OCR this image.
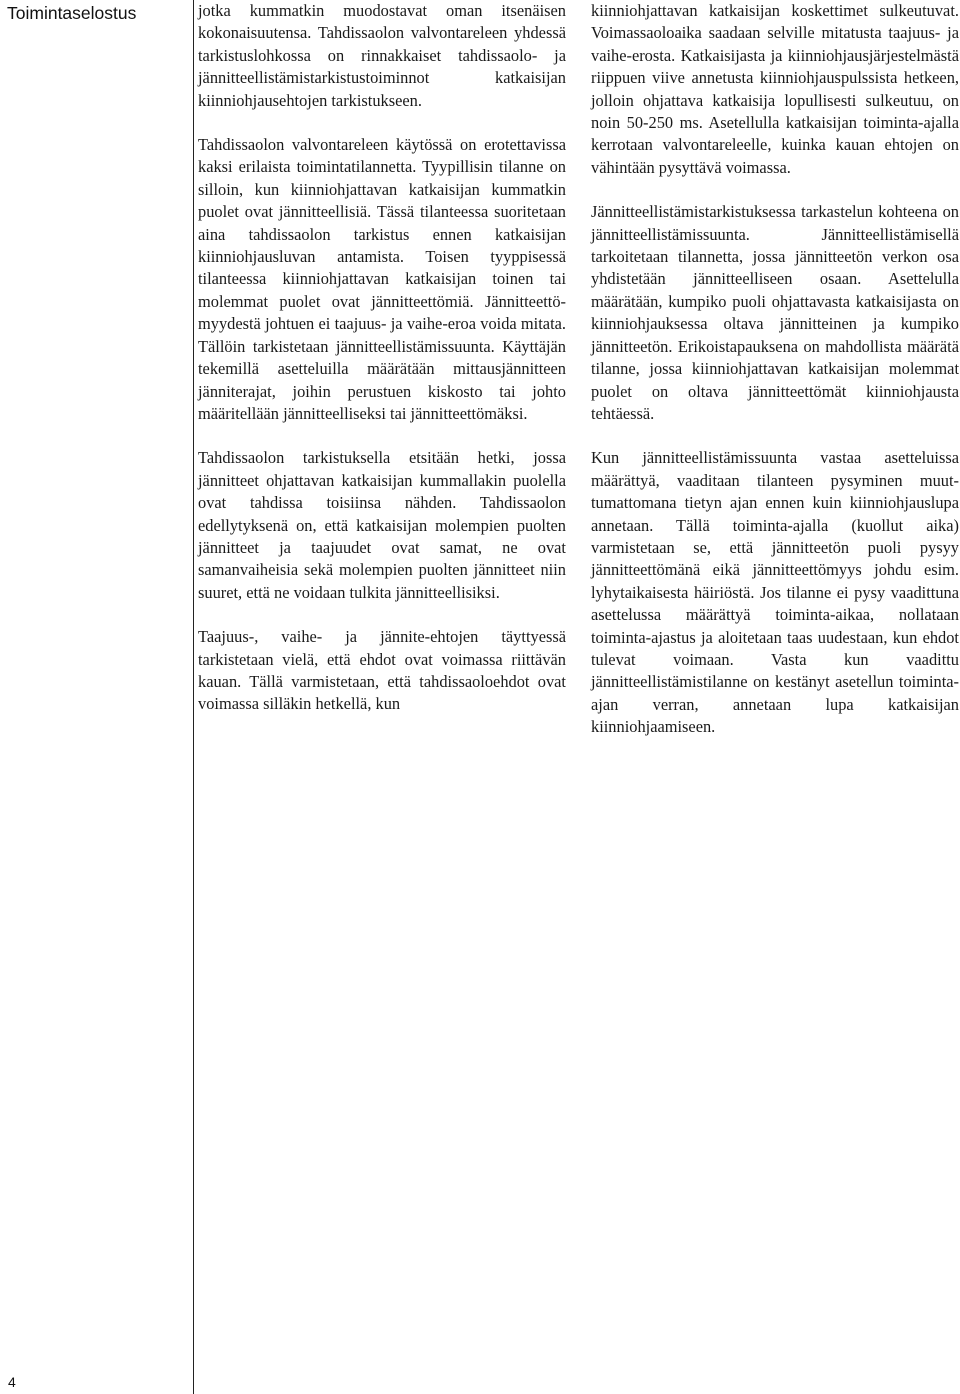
Toimintaselostus	jotka kummatkin muodostavat oman itsenäisen kokonaisuutensa. Tahdissaolon valvontareleen yhdessä tarkistuslohkossa on rinnakkaiset tahdissaolo- ja jännitteellistämistarkistustoiminnot katkaisijan kiinniohjausehtojen tarkistukseen.

Tahdissaolon valvontareleen käytössä on erotettavissa kaksi erilaista toimintatilannetta. Tyypillisin tilanne on silloin, kun kiinniohjattavan katkaisijan kummatkin puolet ovat jännitteellisiä. Tässä tilanteessa suoritetaan aina tahdissaolon tarkistus ennen katkaisijan kiinniohjausluvan antamista. Toisen tyyppisessä tilanteessa kiinniohjattavan katkaisijan toinen tai molemmat puolet ovat jännitteettömiä. Jännitteettömyydestä johtuen ei taajuus- ja vaihe-eroa voida mitata. Tällöin tarkistetaan jännitteellistämissuunta. Käyttäjän tekemillä asetteluilla määrätään mittausjännitteen jänniterajat, joihin perustuen kiskosto tai johto määritellään jännitteelliseksi tai jännitteettömäksi.

Tahdissaolon tarkistuksella etsitään hetki, jossa jännitteet ohjattavan katkaisijan kummallakin puolella ovat tahdissa toisiinsa nähden. Tahdissaolon edellytyksenä on, että katkaisijan molempien puolten jännitteet ja taajuudet ovat samat, ne ovat samanvaiheisia sekä molempien puolten jännitteet niin suuret, että ne voidaan tulkita jännitteellisiksi.

Taajuus-, vaihe- ja jännite-ehtojen täyttyessä tarkistetaan vielä, että ehdot ovat voimassa riittävän kauan. Tällä varmistetaan, että tahdissaoloehdot ovat voimassa silläkin hetkellä, kun

kiinniohjattavan katkaisijan koskettimet sulkeutuvat. Voimassaoloaika saadaan selville mitatusta taajuus- ja vaihe-erosta. Katkaisijasta ja kiinniohjausjärjestelmästä riippuen viive annetusta kiinniohjauspulssista hetkeen, jolloin ohjattava katkaisija lopullisesti sulkeutuu, on noin 50-250 ms. Asetellulla katkaisijan toiminta-ajalla kerrotaan valvontareleelle, kuinka kauan ehtojen on vähintään pysyttävä voimassa.

Jännitteellistämistarkistuksessa tarkastelun kohteena on jännitteellistämissuunta. Jännitteellistämisellä tarkoitetaan tilannetta, jossa jännitteetön verkon osa yhdistetään jännitteelliseen osaan. Asettelulla määrätään, kumpiko puoli ohjattavasta katkaisijasta on kiinniohjauksessa oltava jännitteinen ja kumpiko jännitteetön. Erikoistapauksena on mahdollista määrätä tilanne, jossa kiinniohjattavan katkaisijan molemmat puolet on oltava jännitteettömät kiinniohjausta tehtäessä.

Kun jännitteellistämissuunta vastaa asetteluissa määrättyä, vaaditaan tilanteen pysyminen muuttumattomana tietyn ajan ennen kuin kiinniohjauslupa annetaan. Tällä toiminta-ajalla (kuollut aika) varmistetaan se, että jännitteetön puoli pysyy jännitteettömänä eikä jännitteettömyys johdu esim. lyhytaikaisesta häiriöstä. Jos tilanne ei pysy vaadittuna asettelussa määrättyä toiminta-aikaa, nollataan toiminta-ajastus ja aloitetaan taas uudestaan, kun ehdot tulevat voimaan. Vasta kun vaadittu jännitteellistämistilanne on kestänyt asetellun toiminta-ajan verran, annetaan lupa katkaisijan kiinniohjaamiseen.

4
